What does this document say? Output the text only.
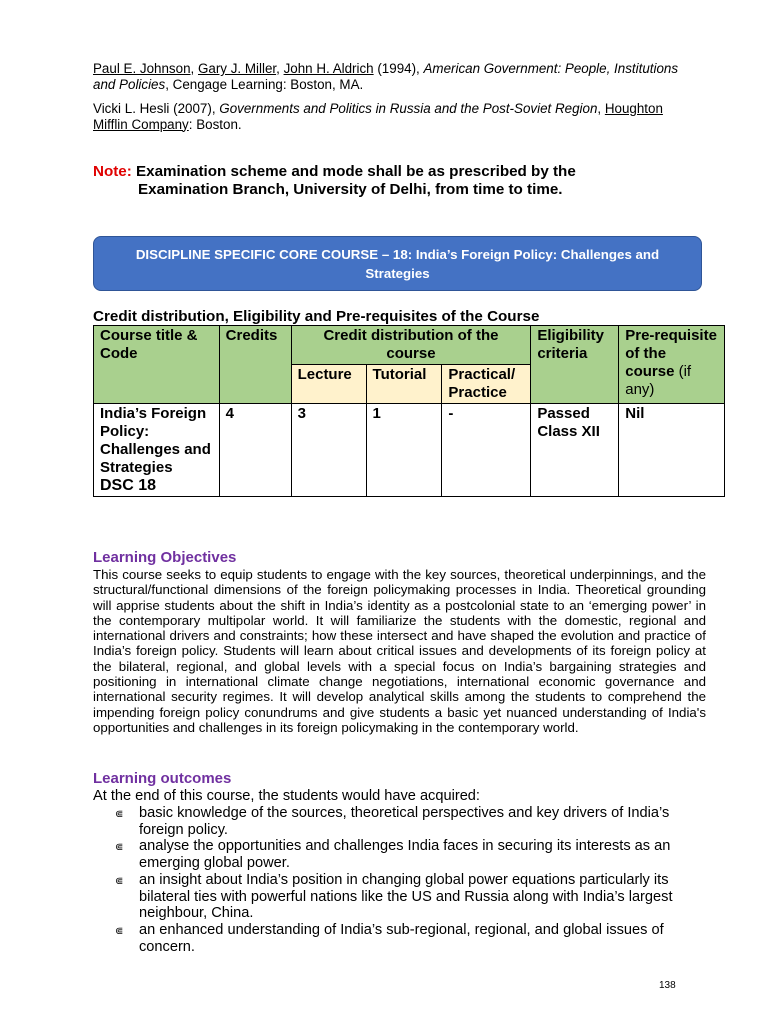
Paul E. Johnson, Gary J. Miller, John H. Aldrich (1994), American Government: People, Institutions and Policies, Cengage Learning: Boston, MA.
Vicki L. Hesli (2007), Governments and Politics in Russia and the Post-Soviet Region, Houghton Mifflin Company: Boston.
Note: Examination scheme and mode shall be as prescribed by the
Examination Branch, University of Delhi, from time to time.
DISCIPLINE SPECIFIC CORE COURSE – 18: India’s Foreign Policy: Challenges and Strategies
Credit distribution, Eligibility and Pre-requisites of the Course
Course title & Code	Credits	Credit distribution of the course			Eligibility criteria	Pre-requisite of the course (if any)
		Lecture	Tutorial	Practical/ Practice		
India’s Foreign Policy: Challenges and Strategies
DSC 18	4	3	1	-	Passed Class XII	Nil
Learning Objectives
This course seeks to equip students to engage with the key sources, theoretical underpinnings, and the structural/functional dimensions of the foreign policymaking processes in India. Theoretical grounding will apprise students about the shift in India’s identity as a postcolonial state to an ‘emerging power’ in the contemporary multipolar world. It will familiarize the students with the domestic, regional and international drivers and constraints; how these intersect and have shaped the evolution and practice of India’s foreign policy. Students will learn about critical issues and developments of its foreign policy at the bilateral, regional, and global levels with a special focus on India’s bargaining strategies and positioning in international climate change negotiations, international economic governance and international security regimes. It will develop analytical skills among the students to comprehend the impending foreign policy conundrums and give students a basic yet nuanced understanding of India's opportunities and challenges in its foreign policymaking in the contemporary world.
Learning outcomes
At the end of this course, the students would have acquired:
⋐ basic knowledge of the sources, theoretical perspectives and key drivers of India’s foreign policy.
⋐ analyse the opportunities and challenges India faces in securing its interests as an emerging global power.
⋐ an insight about India’s position in changing global power equations particularly its bilateral ties with powerful nations like the US and Russia along with India’s largest neighbour, China.
⋐ an enhanced understanding of India’s sub-regional, regional, and global issues of concern.
138
